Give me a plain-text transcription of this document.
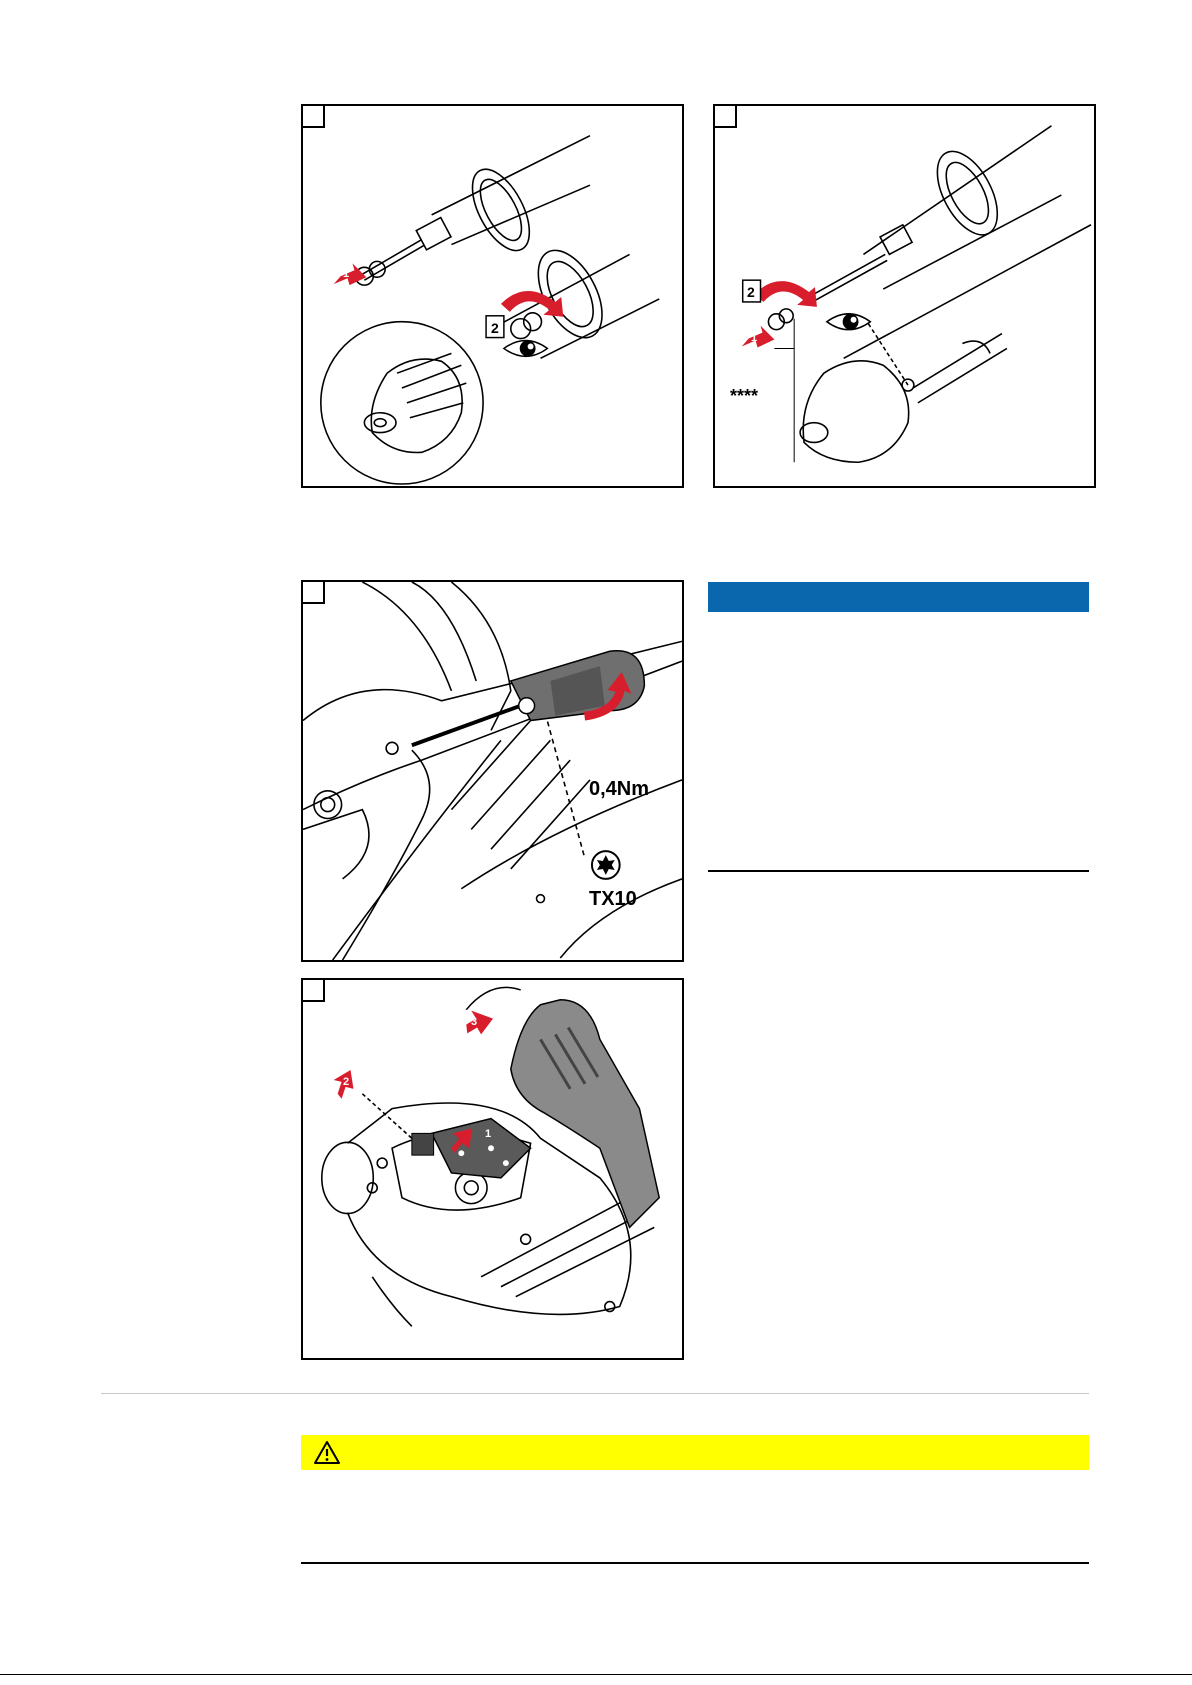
1
2
1
2
****
1
0,4Nm
TX10
1
2
3
